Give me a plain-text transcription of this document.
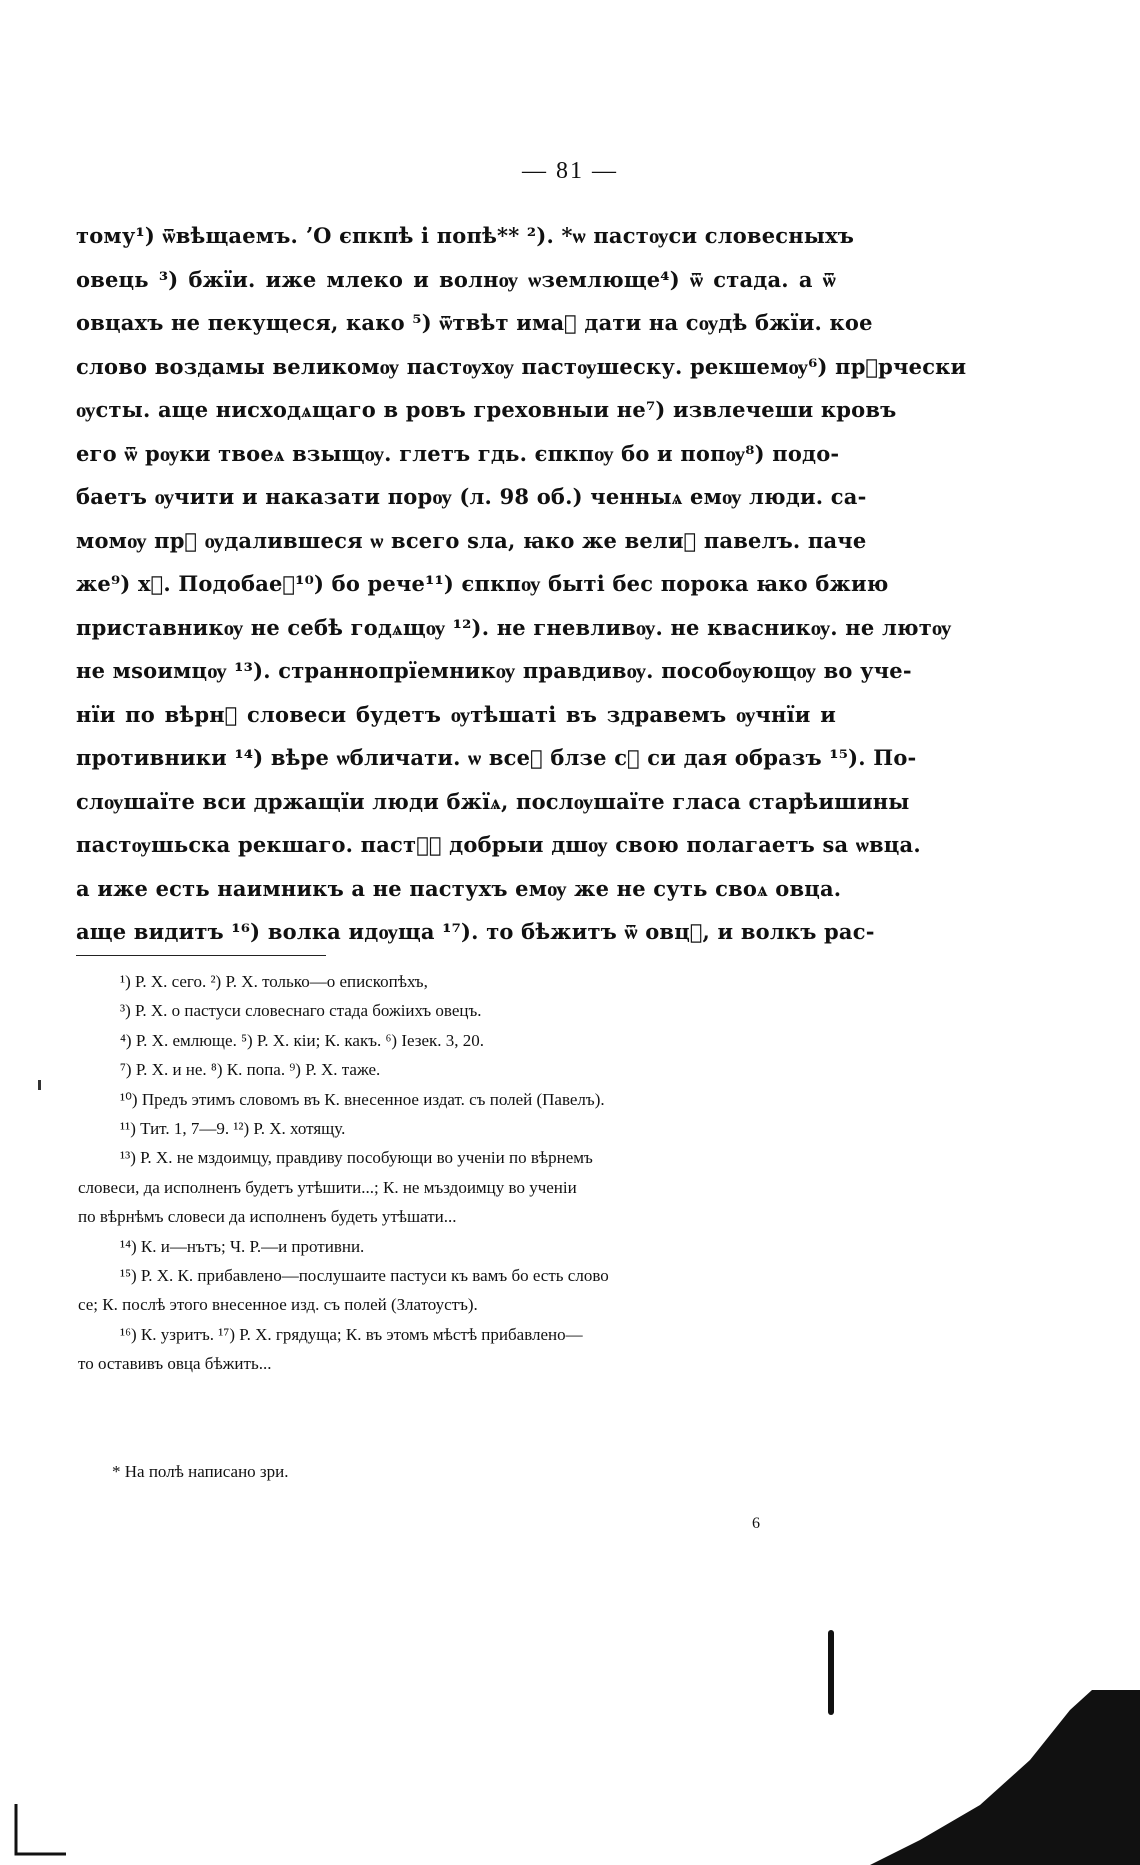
— 81 —
тому¹) ѿвѣщаемъ. ʼО єпкпѣ і попѣ** ²). *ѡ пастѹси словесныхъ
овець ³) бжїи. иже млеко и волнѹ ѡземлюще⁴) ѿ стада. а ѿ
овцахъ не пекущеся, како ⁵) ѿтвѣт имаⷮ дати на сѹдѣ бжїи. кое
слово воздамы великомѹ пастѹхѹ пастѹшеску. рекшемѹ⁶) прⷪрчески
ѹсты. аще нисходѧщаго в ровъ греховныи не⁷) извлечеши кровъ
его ѿ рѹки твоеѧ взыщѹ. глетъ гдь. єпкпѹ бо и попѹ⁸) подо-
баетъ ѹчити и наказати порѹ (л. 98 об.) ченныѧ емѹ люди. са-
момѹ прⷷ ѹдалившеся ѡ всего ѕла, ꙗко же велиⷨ павелъ. паче
же⁹) хⷭ. Подобаеⷮ¹⁰) бо рече¹¹) єпкпѹ быті бес порока ꙗко бжию
приставникѹ не себѣ годѧщѹ ¹²). не гневливѹ. не квасникѹ. не лютѹ
не мѕоимцѹ ¹³). страннопрїемникѹ правдивѹ. пособѹющѹ во уче-
нїи по вѣрнⷷ словеси будетъ ѹтѣшаті въ здравемъ ѹчнїи и
противники ¹⁴) вѣре ѡбличати. ѡ всеⷷ блзе сⷶ си дая образъ ¹⁵). По-
слѹшаїте вси држащїи люди бжїѧ, послѹшаїте гласа старѣишины
пастѹшьска рекшаго. пастѹⷯ добрыи дшѹ свою полагаетъ ѕа ѡвца.
а иже есть наимникъ а не пастухъ емѹ же не суть своѧ овца.
аще видитъ ¹⁶) волка идѹща ¹⁷). то бѣжитъ ѿ овцⷶ, и волкъ рас-
¹) Р. Х. сего. ²) Р. Х. только—о епископѣхъ,
³) Р. Х. о пастуси словеснаго стада божіихъ овецъ.
⁴) Р. Х. емлюще. ⁵) Р. Х. кіи; К. какъ. ⁶) Іезек. 3, 20.
⁷) Р. Х. и не. ⁸) К. попа. ⁹) Р. Х. таже.
¹⁰) Предъ этимъ словомъ въ К. внесенное издат. съ полей (Павелъ).
¹¹) Тит. 1, 7—9. ¹²) Р. Х. хотящу.
¹³) Р. Х. не мздоимцу, правдиву пособующи во ученіи по вѣрнемъ
словеси, да исполненъ будетъ утѣшити...; К. не мъздоимцу во ученіи
по вѣрнѣмъ словеси да исполненъ будеть утѣшати...
¹⁴) К. и—нътъ; Ч. Р.—и противни.
¹⁵) Р. Х. К. прибавлено—послушаите пастуси къ вамъ бо есть слово
се; К. послѣ этого внесенное изд. съ полей (Златоустъ).
¹⁶) К. узритъ. ¹⁷) Р. Х. грядуща; К. въ этомъ мѣстѣ прибавлено—
то оставивъ овца бѣжить...
* На полѣ написано зри.
6
